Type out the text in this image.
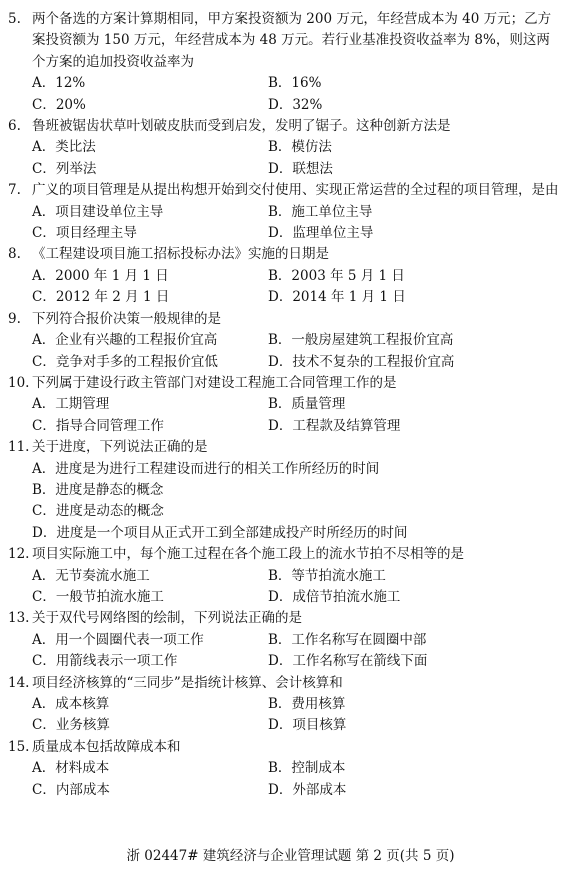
5. 两个备选的方案计算期相同，甲方案投资额为 200 万元，年经营成本为 40 万元；乙方案投资额为 150 万元，年经营成本为 48 万元。若行业基准投资收益率为 8%，则这两个方案的追加投资收益率为
A．12%	B．16%
C．20%	D．32%
6. 鲁班被锯齿状草叶划破皮肤而受到启发，发明了锯子。这种创新方法是
A．类比法	B．模仿法
C．列举法	D．联想法
7. 广义的项目管理是从提出构想开始到交付使用、实现正常运营的全过程的项目管理，是由
A．项目建设单位主导	B．施工单位主导
C．项目经理主导	D．监理单位主导
8. 《工程建设项目施工招标投标办法》实施的日期是
A．2000 年 1 月 1 日	B．2003 年 5 月 1 日
C．2012 年 2 月 1 日	D．2014 年 1 月 1 日
9. 下列符合报价决策一般规律的是
A．企业有兴趣的工程报价宜高	B．一般房屋建筑工程报价宜高
C．竞争对手多的工程报价宜低	D．技术不复杂的工程报价宜高
10. 下列属于建设行政主管部门对建设工程施工合同管理工作的是
A．工期管理	B．质量管理
C．指导合同管理工作	D．工程款及结算管理
11. 关于进度，下列说法正确的是
A．进度是为进行工程建设而进行的相关工作所经历的时间
B．进度是静态的概念
C．进度是动态的概念
D．进度是一个项目从正式开工到全部建成投产时所经历的时间
12. 项目实际施工中，每个施工过程在各个施工段上的流水节拍不尽相等的是
A．无节奏流水施工	B．等节拍流水施工
C．一般节拍流水施工	D．成倍节拍流水施工
13. 关于双代号网络图的绘制，下列说法正确的是
A．用一个圆圈代表一项工作	B．工作名称写在圆圈中部
C．用箭线表示一项工作	D．工作名称写在箭线下面
14. 项目经济核算的“三同步”是指统计核算、会计核算和
A．成本核算	B．费用核算
C．业务核算	D．项目核算
15. 质量成本包括故障成本和
A．材料成本	B．控制成本
C．内部成本	D．外部成本
浙 02447# 建筑经济与企业管理试题 第 2 页(共 5 页)
